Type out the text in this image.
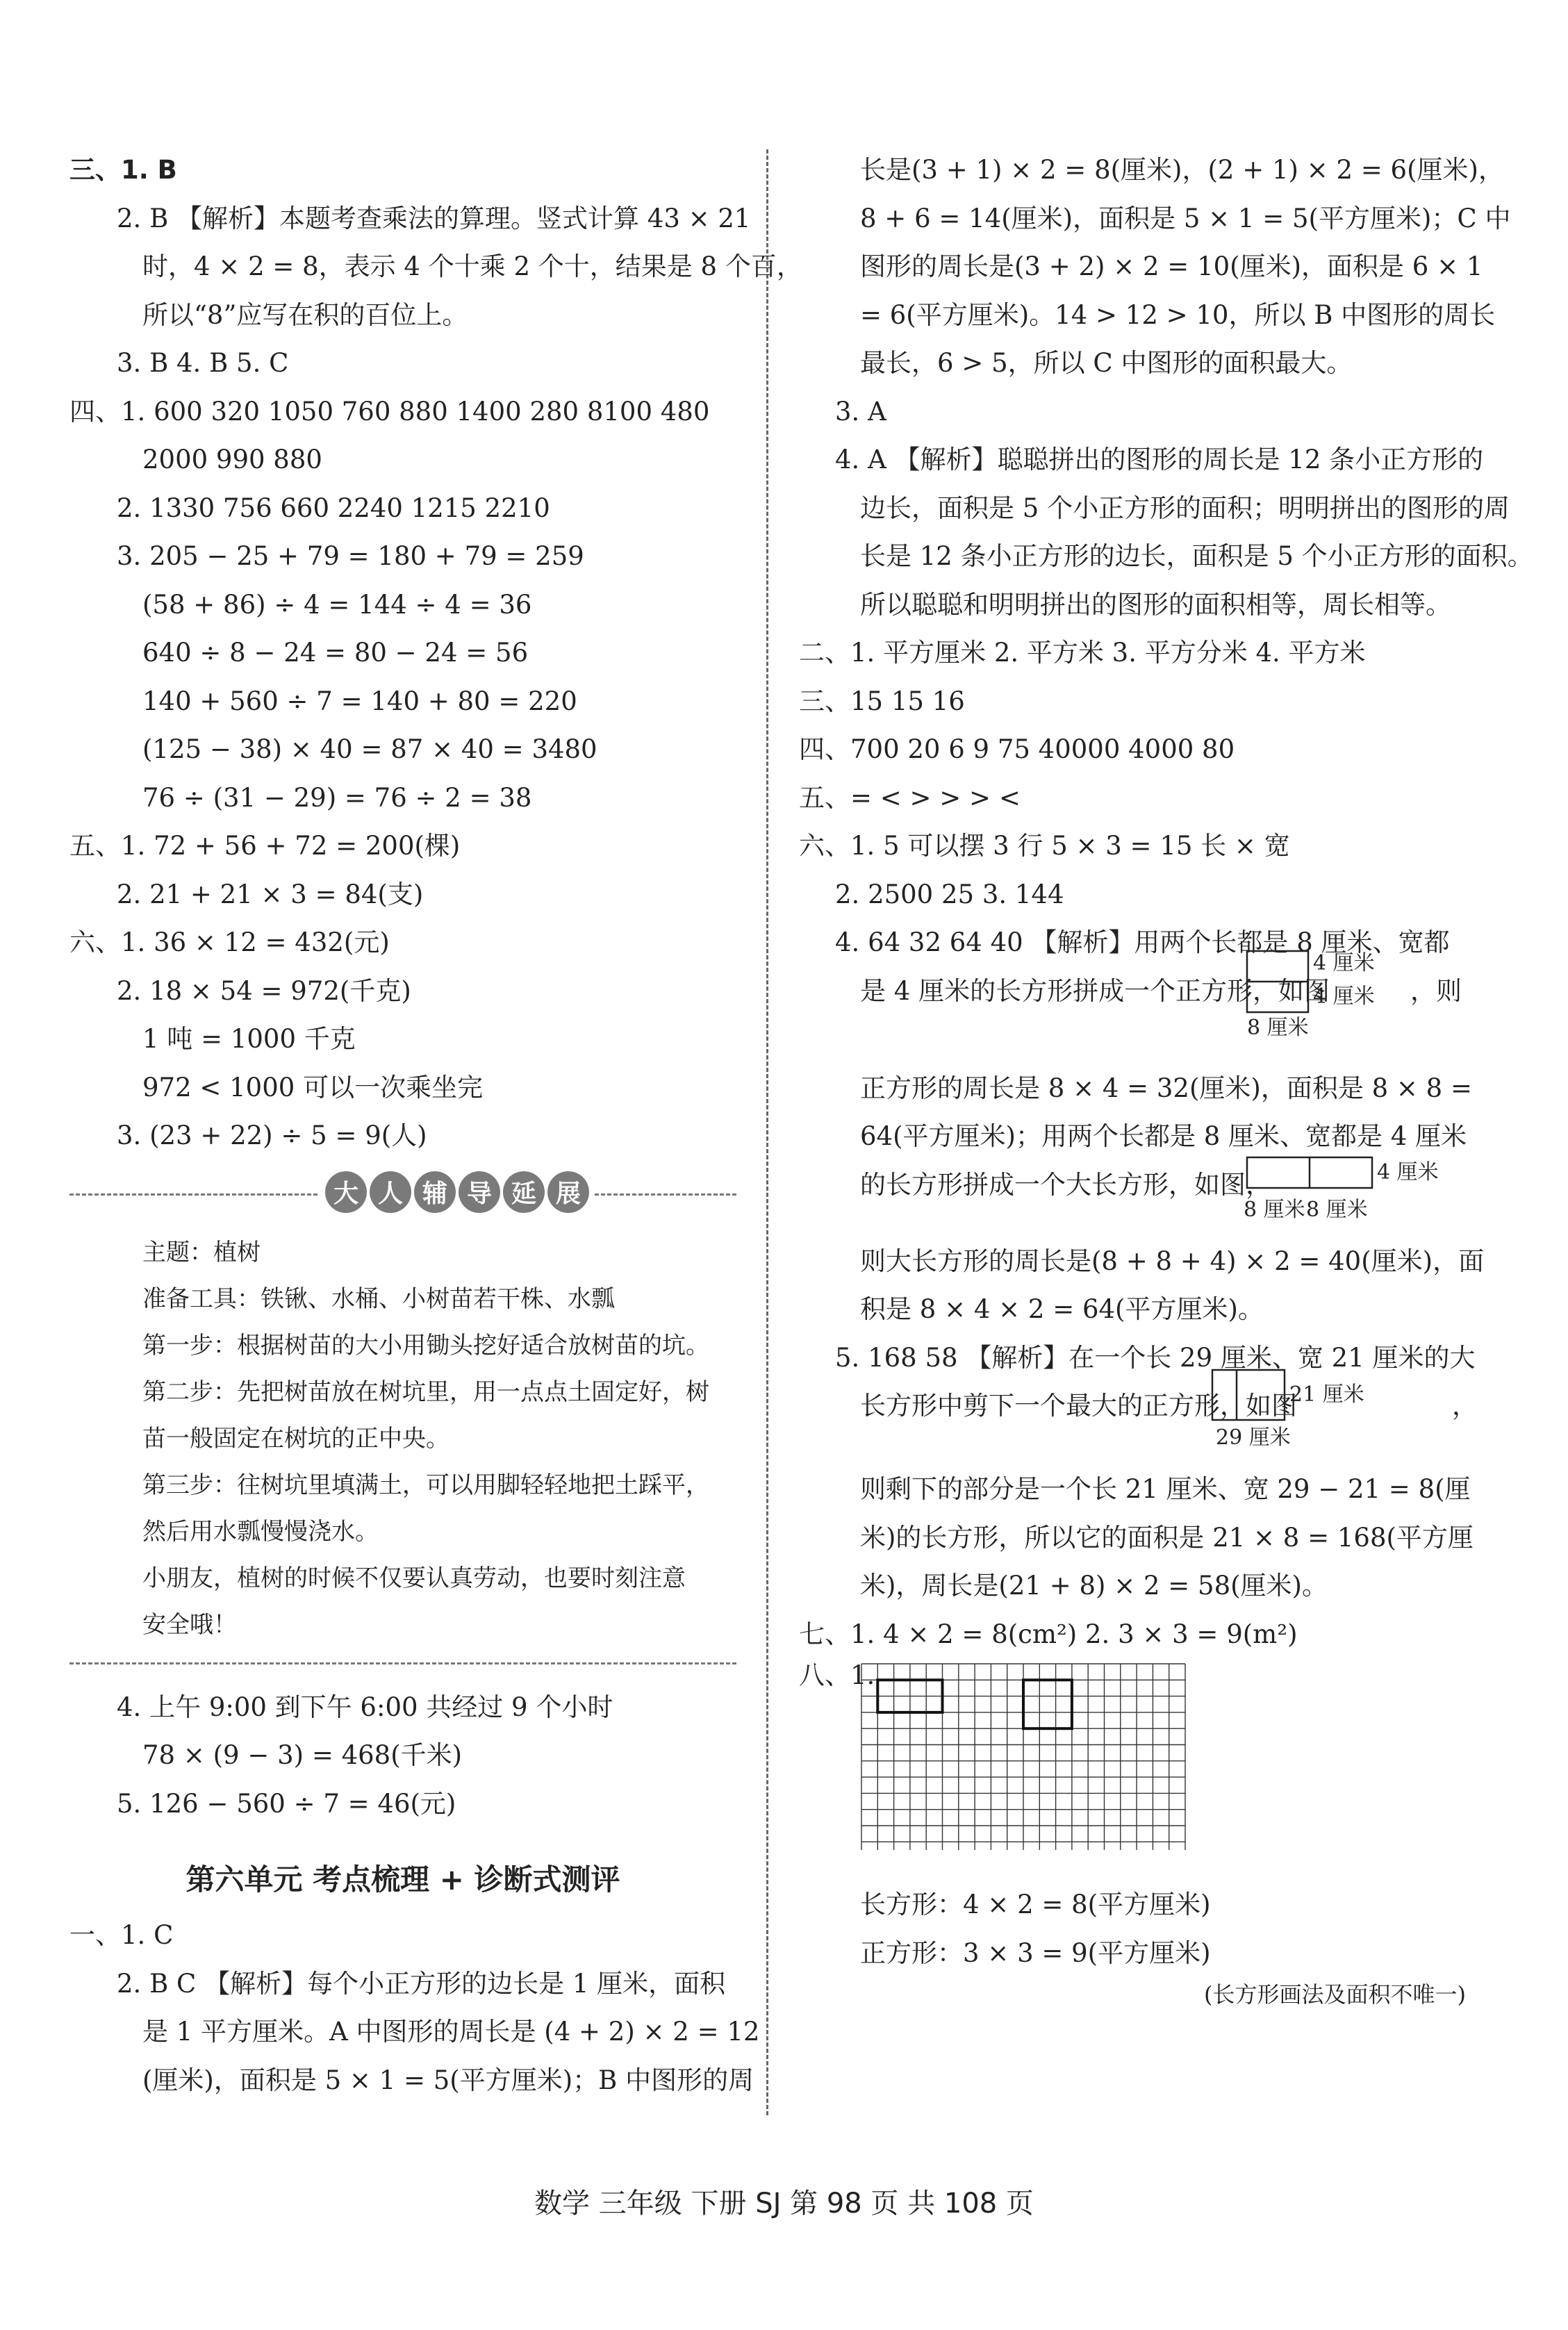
三、1. B
2. B 【解析】本题考查乘法的算理。竖式计算 43 × 21
时，4 × 2 = 8，表示 4 个十乘 2 个十，结果是 8 个百，
所以“8”应写在积的百位上。
3. B 4. B 5. C
四、1. 600 320 1050 760 880 1400 280 8100 480
2000 990 880
2. 1330 756 660 2240 1215 2210
3. 205 − 25 + 79 = 180 + 79 = 259
(58 + 86) ÷ 4 = 144 ÷ 4 = 36
640 ÷ 8 − 24 = 80 − 24 = 56
140 + 560 ÷ 7 = 140 + 80 = 220
(125 − 38) × 40 = 87 × 40 = 3480
76 ÷ (31 − 29) = 76 ÷ 2 = 38
五、1. 72 + 56 + 72 = 200(棵)
2. 21 + 21 × 3 = 84(支)
六、1. 36 × 12 = 432(元)
2. 18 × 54 = 972(千克)
1 吨 = 1000 千克
972 < 1000 可以一次乘坐完
3. (23 + 22) ÷ 5 = 9(人)
大 人 辅 导 延 展
主题：植树
准备工具：铁锹、水桶、小树苗若干株、水瓢
第一步：根据树苗的大小用锄头挖好适合放树苗的坑。
第二步：先把树苗放在树坑里，用一点点土固定好，树
苗一般固定在树坑的正中央。
第三步：往树坑里填满土，可以用脚轻轻地把土踩平，
然后用水瓢慢慢浇水。
小朋友，植树的时候不仅要认真劳动，也要时刻注意
安全哦！
4. 上午 9:00 到下午 6:00 共经过 9 个小时
78 × (9 − 3) = 468(千米)
5. 126 − 560 ÷ 7 = 46(元)
第六单元 考点梳理 + 诊断式测评
一、1. C
2. B C 【解析】每个小正方形的边长是 1 厘米，面积
是 1 平方厘米。A 中图形的周长是 (4 + 2) × 2 = 12
(厘米)，面积是 5 × 1 = 5(平方厘米)；B 中图形的周
长是(3 + 1) × 2 = 8(厘米)，(2 + 1) × 2 = 6(厘米)，
8 + 6 = 14(厘米)，面积是 5 × 1 = 5(平方厘米)；C 中
图形的周长是(3 + 2) × 2 = 10(厘米)，面积是 6 × 1
= 6(平方厘米)。14 > 12 > 10，所以 B 中图形的周长
最长，6 > 5，所以 C 中图形的面积最大。
3. A
4. A 【解析】聪聪拼出的图形的周长是 12 条小正方形的
边长，面积是 5 个小正方形的面积；明明拼出的图形的周
长是 12 条小正方形的边长，面积是 5 个小正方形的面积。
所以聪聪和明明拼出的图形的面积相等，周长相等。
二、1. 平方厘米 2. 平方米 3. 平方分米 4. 平方米
三、15 15 16
四、700 20 6 9 75 40000 4000 80
五、= < > > > <
六、1. 5 可以摆 3 行 5 × 3 = 15 长 × 宽
2. 2500 25 3. 144
4. 64 32 64 40 【解析】用两个长都是 8 厘米、宽都
是 4 厘米的长方形拼成一个正方形，如图
4 厘米
4 厘米
8 厘米
，则
正方形的周长是 8 × 4 = 32(厘米)，面积是 8 × 8 =
64(平方厘米)；用两个长都是 8 厘米、宽都是 4 厘米
的长方形拼成一个大长方形，如图，	4 厘米
8 厘米 8 厘米
则大长方形的周长是(8 + 8 + 4) × 2 = 40(厘米)，面
积是 8 × 4 × 2 = 64(平方厘米)。
5. 168 58 【解析】在一个长 29 厘米、宽 21 厘米的大
长方形中剪下一个最大的正方形，如图
21 厘米
29 厘米
，
则剩下的部分是一个长 21 厘米、宽 29 − 21 = 8(厘
米)的长方形，所以它的面积是 21 × 8 = 168(平方厘
米)，周长是(21 + 8) × 2 = 58(厘米)。
七、1. 4 × 2 = 8(cm²) 2. 3 × 3 = 9(m²)
八、1.
长方形：4 × 2 = 8(平方厘米)
正方形：3 × 3 = 9(平方厘米)
(长方形画法及面积不唯一)
数学 三年级 下册 SJ 第 98 页 共 108 页
